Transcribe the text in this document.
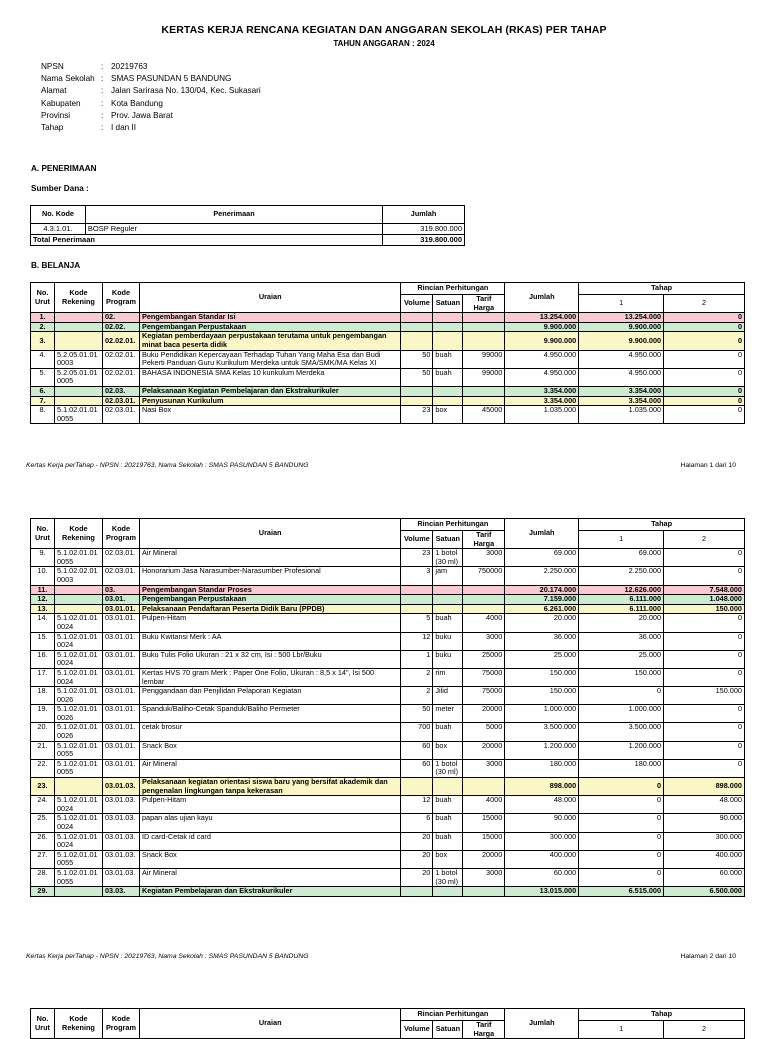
KERTAS KERJA RENCANA KEGIATAN DAN ANGGARAN SEKOLAH (RKAS) PER TAHAP
TAHUN ANGGARAN : 2024
NPSN	: 20219763
Nama Sekolah : SMAS PASUNDAN 5 BANDUNG
Alamat	: Jalan Sarirasa No. 130/04, Kec. Sukasari
Kabupaten	: Kota Bandung
Provinsi	: Prov. Jawa Barat
Tahap	: I dan II
A. PENERIMAAN
Sumber Dana :
No. Kode	Penerimaan	Jumlah
4.3.1.01.	BOSP Reguler	319.800.000
Total Penerimaan		319.800.000
B. BELANJA
No. Urut	Kode Rekening	Kode Program	Uraian	Rincian Perhitungan			Jumlah	Tahap	
				Volume	Satuan	Tarif Harga		1	2
1.		02.	Pengembangan Standar Isi				13.254.000	13.254.000	0
2.		02.02.	Pengembangan Perpustakaan				9.900.000	9.900.000	0
3.		02.02.01.	Kegiatan pemberdayaan perpustakaan terutama untuk pengembangan minat baca peserta didik				9.900.000	9.900.000	0
4.	5.2.05.01.01 0003	02.02.01.	Buku Pendidikan Kepercayaan Terhadap Tuhan Yang Maha Esa dan Budi Pekerti Panduan Guru Kurikulum Merdeka untuk SMA/SMK/MA Kelas XI	50	buah	99000	4.950.000	4.950.000	0
5.	5.2.05.01.01 0005	02.02.01.	BAHASA INDONESIA SMA Kelas 10 kurikulum Merdeka	50	buah	99000	4.950.000	4.950.000	0
6.		02.03.	Pelaksanaan Kegiatan Pembelajaran dan Ekstrakurikuler				3.354.000	3.354.000	0
7.		02.03.01.	Penyusunan Kurikulum				3.354.000	3.354.000	0
8.	5.1.02.01.01 0055	02.03.01.	Nasi Box	23	box	45000	1.035.000	1.035.000	0
Kertas Kerja perTahap - NPSN : 20219763, Nama Sekolah : SMAS PASUNDAN 5 BANDUNG	Halaman 1 dari 10
No. Urut	Kode Rekening	Kode Program	Uraian	Rincian Perhitungan			Jumlah	Tahap	
				Volume	Satuan	Tarif Harga		1	2
9.	5.1.02.01.01 0055	02.03.01.	Air Mineral	23	1 botol (30 ml)	3000	69.000	69.000	0
10.	5.1.02.02.01 0003	02.03.01.	Honorarium Jasa Narasumber-Narasumber Profesional	3	jam	750000	2.250.000	2.250.000	0
11.		03.	Pengembangan Standar Proses				20.174.000	12.626.000	7.548.000
12.		03.01.	Pengembangan Perpustakaan				7.159.000	6.111.000	1.048.000
13.		03.01.01.	Pelaksanaan Pendaftaran Peserta Didik Baru (PPDB)				6.261.000	6.111.000	150.000
14.	5.1.02.01.01 0024	03.01.01.	Pulpen-Hitam	5	buah	4000	20.000	20.000	0
15.	5.1.02.01.01 0024	03.01.01.	Buku Kwitansi Merk : AA	12	buku	3000	36.000	36.000	0
16.	5.1.02.01.01 0024	03.01.01.	Buku Tulis Folio Ukuran : 21 x 32 cm, Isi : 500 Lbr/Buku	1	buku	25000	25.000	25.000	0
17.	5.1.02.01.01 0024	03.01.01.	Kertas HVS 70 gram Merk : Paper One Folio, Ukuran : 8,5 x 14", Isi 500 lembar	2	rim	75000	150.000	150.000	0
18.	5.1.02.01.01 0026	03.01.01.	Penggandaan dan Penjilidan Pelaporan Kegiatan	2	Jilid	75000	150.000	0	150.000
19.	5.1.02.01.01 0026	03.01.01.	Spanduk/Baliho-Cetak Spanduk/Baliho Permeter	50	meter	20000	1.000.000	1.000.000	0
20.	5.1.02.01.01 0026	03.01.01.	cetak brosur	700	buah	5000	3.500.000	3.500.000	0
21.	5.1.02.01.01 0055	03.01.01.	Snack Box	60	box	20000	1.200.000	1.200.000	0
22.	5.1.02.01.01 0055	03.01.01.	Air Mineral	60	1 botol (30 ml)	3000	180.000	180.000	0
23.		03.01.03.	Pelaksanaan kegiatan orientasi siswa baru yang bersifat akademik dan pengenalan lingkungan tanpa kekerasan				898.000	0	898.000
24.	5.1.02.01.01 0024	03.01.03.	Pulpen-Hitam	12	buah	4000	48.000	0	48.000
25.	5.1.02.01.01 0024	03.01.03.	papan alas ujian kayu	6	buah	15000	90.000	0	90.000
26.	5.1.02.01.01 0024	03.01.03.	ID card-Cetak id card	20	buah	15000	300.000	0	300.000
27.	5.1.02.01.01 0055	03.01.03.	Snack Box	20	box	20000	400.000	0	400.000
28.	5.1.02.01.01 0055	03.01.03.	Air Mineral	20	1 botol (30 ml)	3000	60.000	0	60.000
29.		03.03.	Kegiatan Pembelajaran dan Ekstrakurikuler				13.015.000	6.515.000	6.500.000
Kertas Kerja perTahap - NPSN : 20219763, Nama Sekolah : SMAS PASUNDAN 5 BANDUNG	Halaman 2 dari 10
No. Urut	Kode Rekening	Kode Program	Uraian	Rincian Perhitungan			Jumlah	Tahap	
				Volume	Satuan	Tarif Harga		1	2
